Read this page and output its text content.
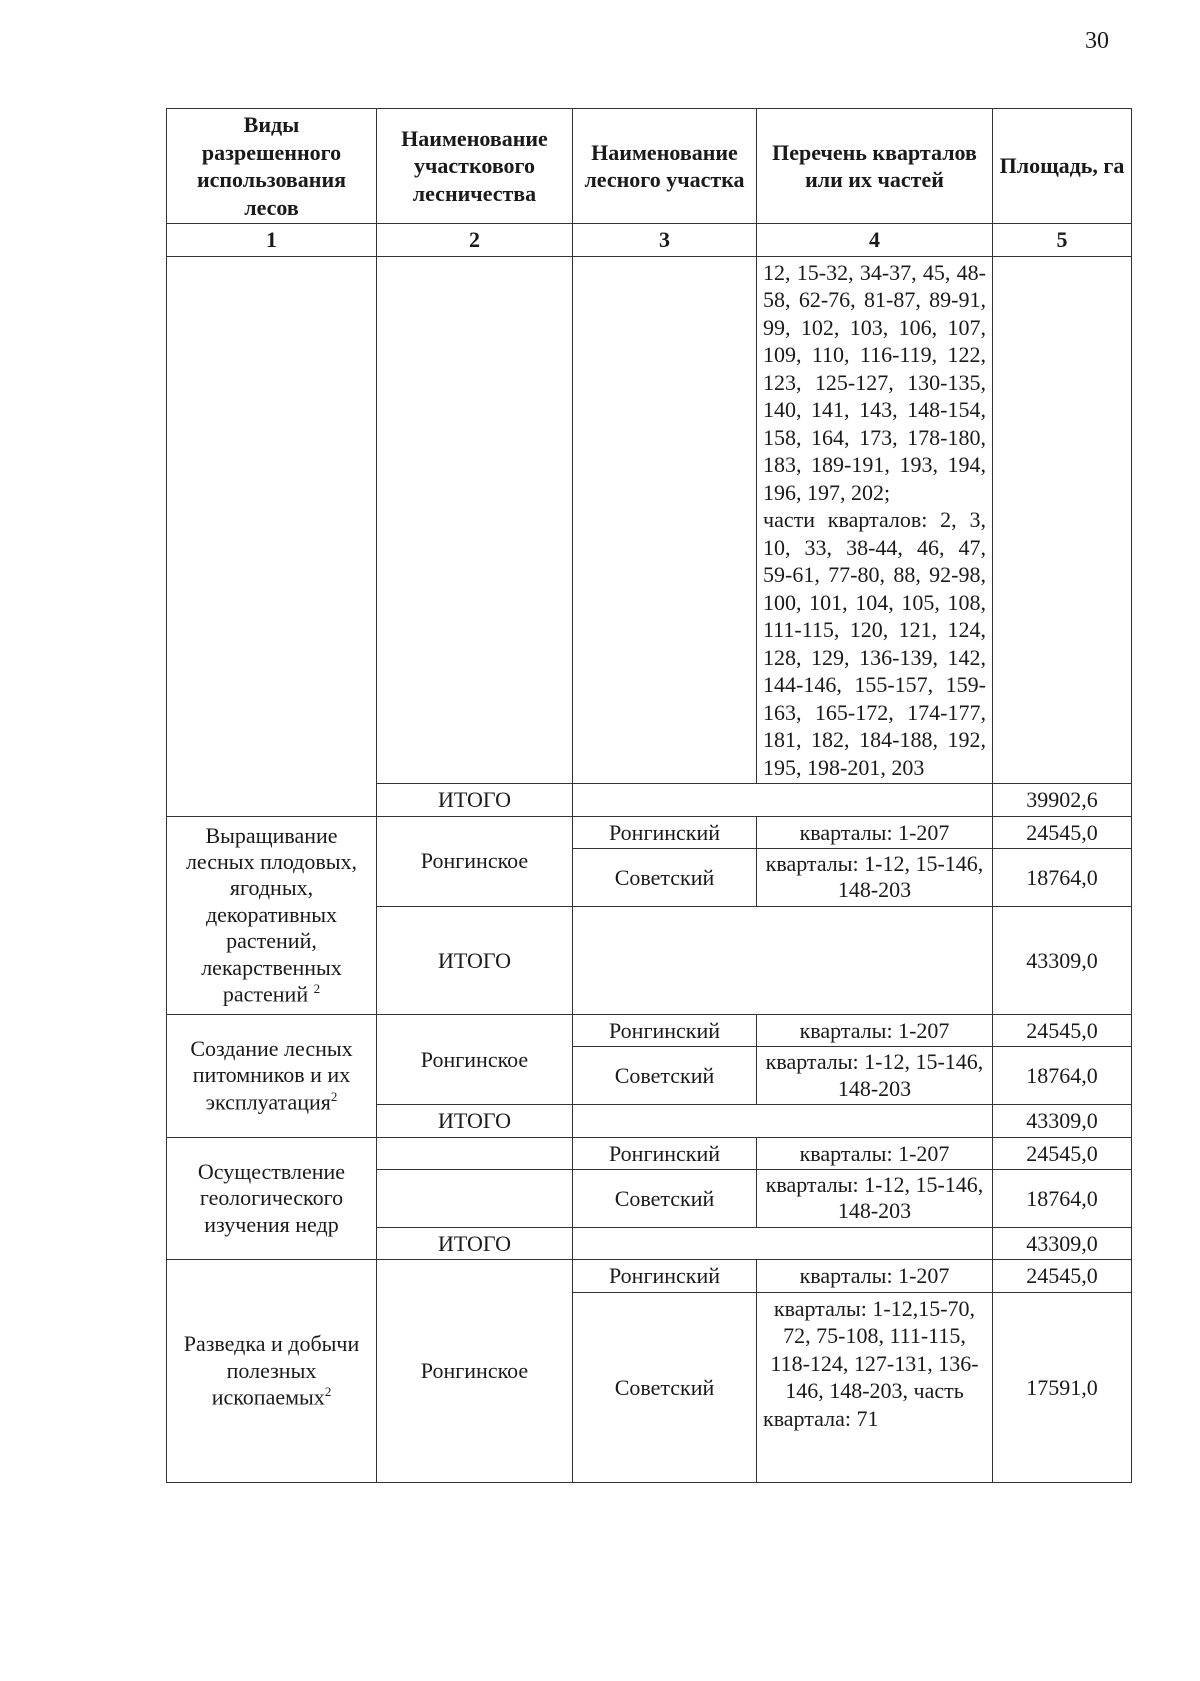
30
Виды разрешенного использования лесов	Наименование участкового лесничества	Наименование лесного участка	Перечень кварталов или их частей	Площадь, га
1	2	3	4	5

			12, 15-32, 34-37, 45, 48-58, 62-76, 81-87, 89-91, 99, 102, 103, 106, 107, 109, 110, 116-119, 122, 123, 125-127, 130-135, 140, 141, 143, 148-154, 158, 164, 173, 178-180, 183, 189-191, 193, 194, 196, 197, 202;
части кварталов: 2, 3, 10, 33, 38-44, 46, 47, 59-61, 77-80, 88, 92-98, 100, 101, 104, 105, 108, 111-115, 120, 121, 124, 128, 129, 136-139, 142, 144-146, 155-157, 159-163, 165-172, 174-177, 181, 182, 184-188, 192, 195, 198-201, 203	

	ИТОГО			39902,6
Выращивание лесных плодовых, ягодных, декоративных растений, лекарственных растений $^2$	Ронгинское	Ронгинский	кварталы: 1-207	24545,0
		Советский	кварталы: 1-12, 15-146, 148-203	18764,0
	ИТОГО			43309,0
Создание лесных питомников и их эксплуатация$^2$	Ронгинское	Ронгинский	кварталы: 1-207	24545,0
		Советский	кварталы: 1-12, 15-146, 148-203	18764,0
	ИТОГО			43309,0
Осуществление геологического изучения недр		Ронгинский	кварталы: 1-207	24545,0
		Советский	кварталы: 1-12, 15-146, 148-203	18764,0
	ИТОГО			43309,0
Разведка и добычи полезных ископаемых$^2$	Ронгинское	Ронгинский	кварталы: 1-207	24545,0
		Советский	кварталы: 1-12,15-70, 72, 75-108, 111-115, 118-124, 127-131, 136-146, 148-203, часть квартала: 71	17591,0
